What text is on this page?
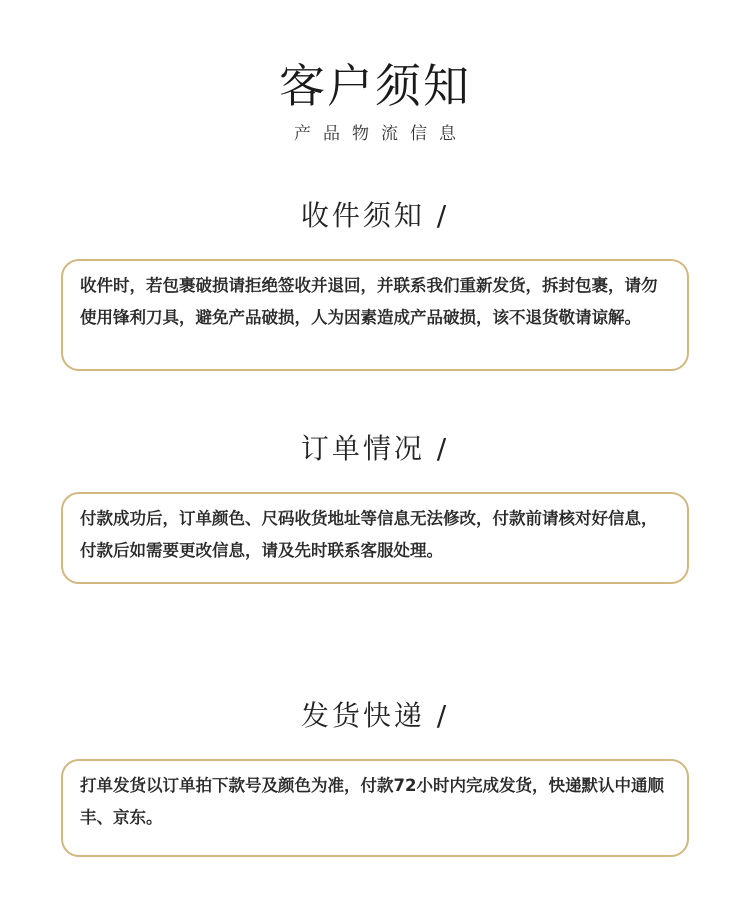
客户须知
产品物流信息
收件须知 /

收件时，若包裹破损请拒绝签收并退回，并联系我们重新发货，拆封包裹，请勿使用锋利刀具，避免产品破损，人为因素造成产品破损，该不退货敬请谅解。

订单情况 /

付款成功后，订单颜色、尺码收货地址等信息无法修改，付款前请核对好信息，付款后如需要更改信息，请及先时联系客服处理。

发货快递 /

打单发货以订单拍下款号及颜色为准，付款72小时内完成发货，快递默认中通顺丰、京东。
